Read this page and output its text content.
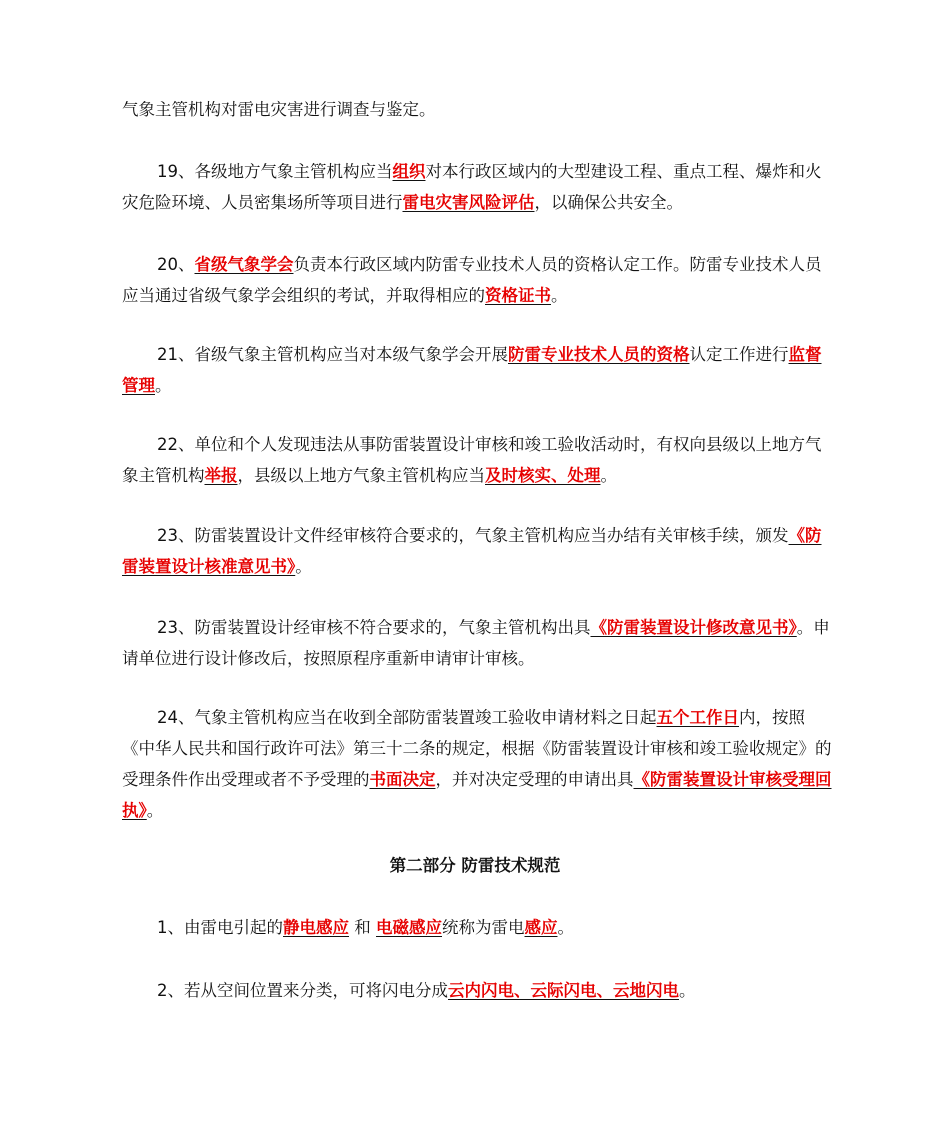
气象主管机构对雷电灾害进行调查与鉴定。

19、各级地方气象主管机构应当组织对本行政区域内的大型建设工程、重点工程、爆炸和火灾危险环境、人员密集场所等项目进行雷电灾害风险评估，以确保公共安全。

20、省级气象学会负责本行政区域内防雷专业技术人员的资格认定工作。防雷专业技术人员应当通过省级气象学会组织的考试，并取得相应的资格证书。

21、省级气象主管机构应当对本级气象学会开展防雷专业技术人员的资格认定工作进行监督管理。

22、单位和个人发现违法从事防雷装置设计审核和竣工验收活动时，有权向县级以上地方气象主管机构举报，县级以上地方气象主管机构应当及时核实、处理。

23、防雷装置设计文件经审核符合要求的，气象主管机构应当办结有关审核手续，颁发《防雷装置设计核准意见书》。

23、防雷装置设计经审核不符合要求的，气象主管机构出具《防雷装置设计修改意见书》。申请单位进行设计修改后，按照原程序重新申请审计审核。

24、气象主管机构应当在收到全部防雷装置竣工验收申请材料之日起五个工作日内，按照《中华人民共和国行政许可法》第三十二条的规定，根据《防雷装置设计审核和竣工验收规定》的受理条件作出受理或者不予受理的书面决定，并对决定受理的申请出具《防雷装置设计审核受理回执》。

第二部分 防雷技术规范

1、由雷电引起的静电感应 和 电磁感应统称为雷电感应。

2、若从空间位置来分类，可将闪电分成云内闪电、云际闪电、云地闪电。
